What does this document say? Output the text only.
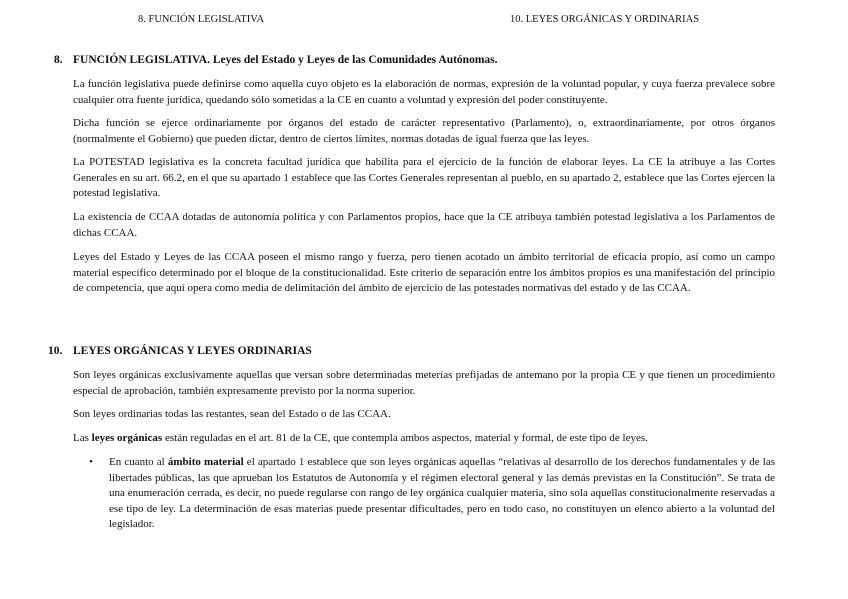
8. FUNCIÓN LEGISLATIVA	10. LEYES ORGÁNICAS Y ORDINARIAS
8. FUNCIÓN LEGISLATIVA. Leyes del Estado y Leyes de las Comunidades Autónomas.

La función legislativa puede definirse como aquella cuyo objeto es la elaboración de normas, expresión de la voluntad popular, y cuya fuerza prevalece sobre cualquier otra fuente jurídica, quedando sólo sometidas a la CE en cuanto a voluntad y expresión del poder constituyente.

Dicha función se ejerce ordinariamente por órganos del estado de carácter representativo (Parlamento), o, extraordinariamente, por otros órganos (normalmente el Gobierno) que pueden dictar, dentro de ciertos límites, normas dotadas de igual fuerza que las leyes.

La POTESTAD legislativa es la concreta facultad jurídica que habilita para el ejercicio de la función de elaborar leyes. La CE la atribuye a las Cortes Generales en su art. 66.2, en el que su apartado 1 establece que las Cortes Generales representan al pueblo, en su apartado 2, establece que las Cortes ejercen la potestad legislativa.

La existencia de CCAA dotadas de autonomía política y con Parlamentos propios, hace que la CE atribuya también potestad legislativa a los Parlamentos de dichas CCAA.

Leyes del Estado y Leyes de las CCAA poseen el mismo rango y fuerza, pero tienen acotado un ámbito territorial de eficacia propio, así como un campo material específico determinado por el bloque de la constitucionalidad. Este criterio de separación entre los ámbitos propios es una manifestación del principio de competencia, que aquí opera como media de delimitación del ámbito de ejercicio de las potestades normativas del estado y de las CCAA.

10. LEYES ORGÁNICAS Y LEYES ORDINARIAS

Son leyes orgánicas exclusivamente aquellas que versan sobre determinadas meterías prefijadas de antemano por la propia CE y que tienen un procedimiento especial de aprobación, también expresamente previsto por la norma superior.

Son leyes ordinarias todas las restantes, sean del Estado o de las CCAA.

Las leyes orgánicas están reguladas en el art. 81 de la CE, que contempla ambos aspectos, material y formal, de este tipo de leyes.

• En cuanto al ámbito material el apartado 1 establece que son leyes orgánicas aquellas “relativas al desarrollo de los derechos fundamentales y de las libertades públicas, las que aprueban los Estatutos de Autonomía y el régimen electoral general y las demás previstas en la Constitución”. Se trata de una enumeración cerrada, es decir, no puede regularse con rango de ley orgánica cualquier materia, sino sola aquellas constitucionalmente reservadas a ese tipo de ley. La determinación de esas materias puede presentar dificultades, pero en todo caso, no constituyen un elenco abierto a la voluntad del legislador.
